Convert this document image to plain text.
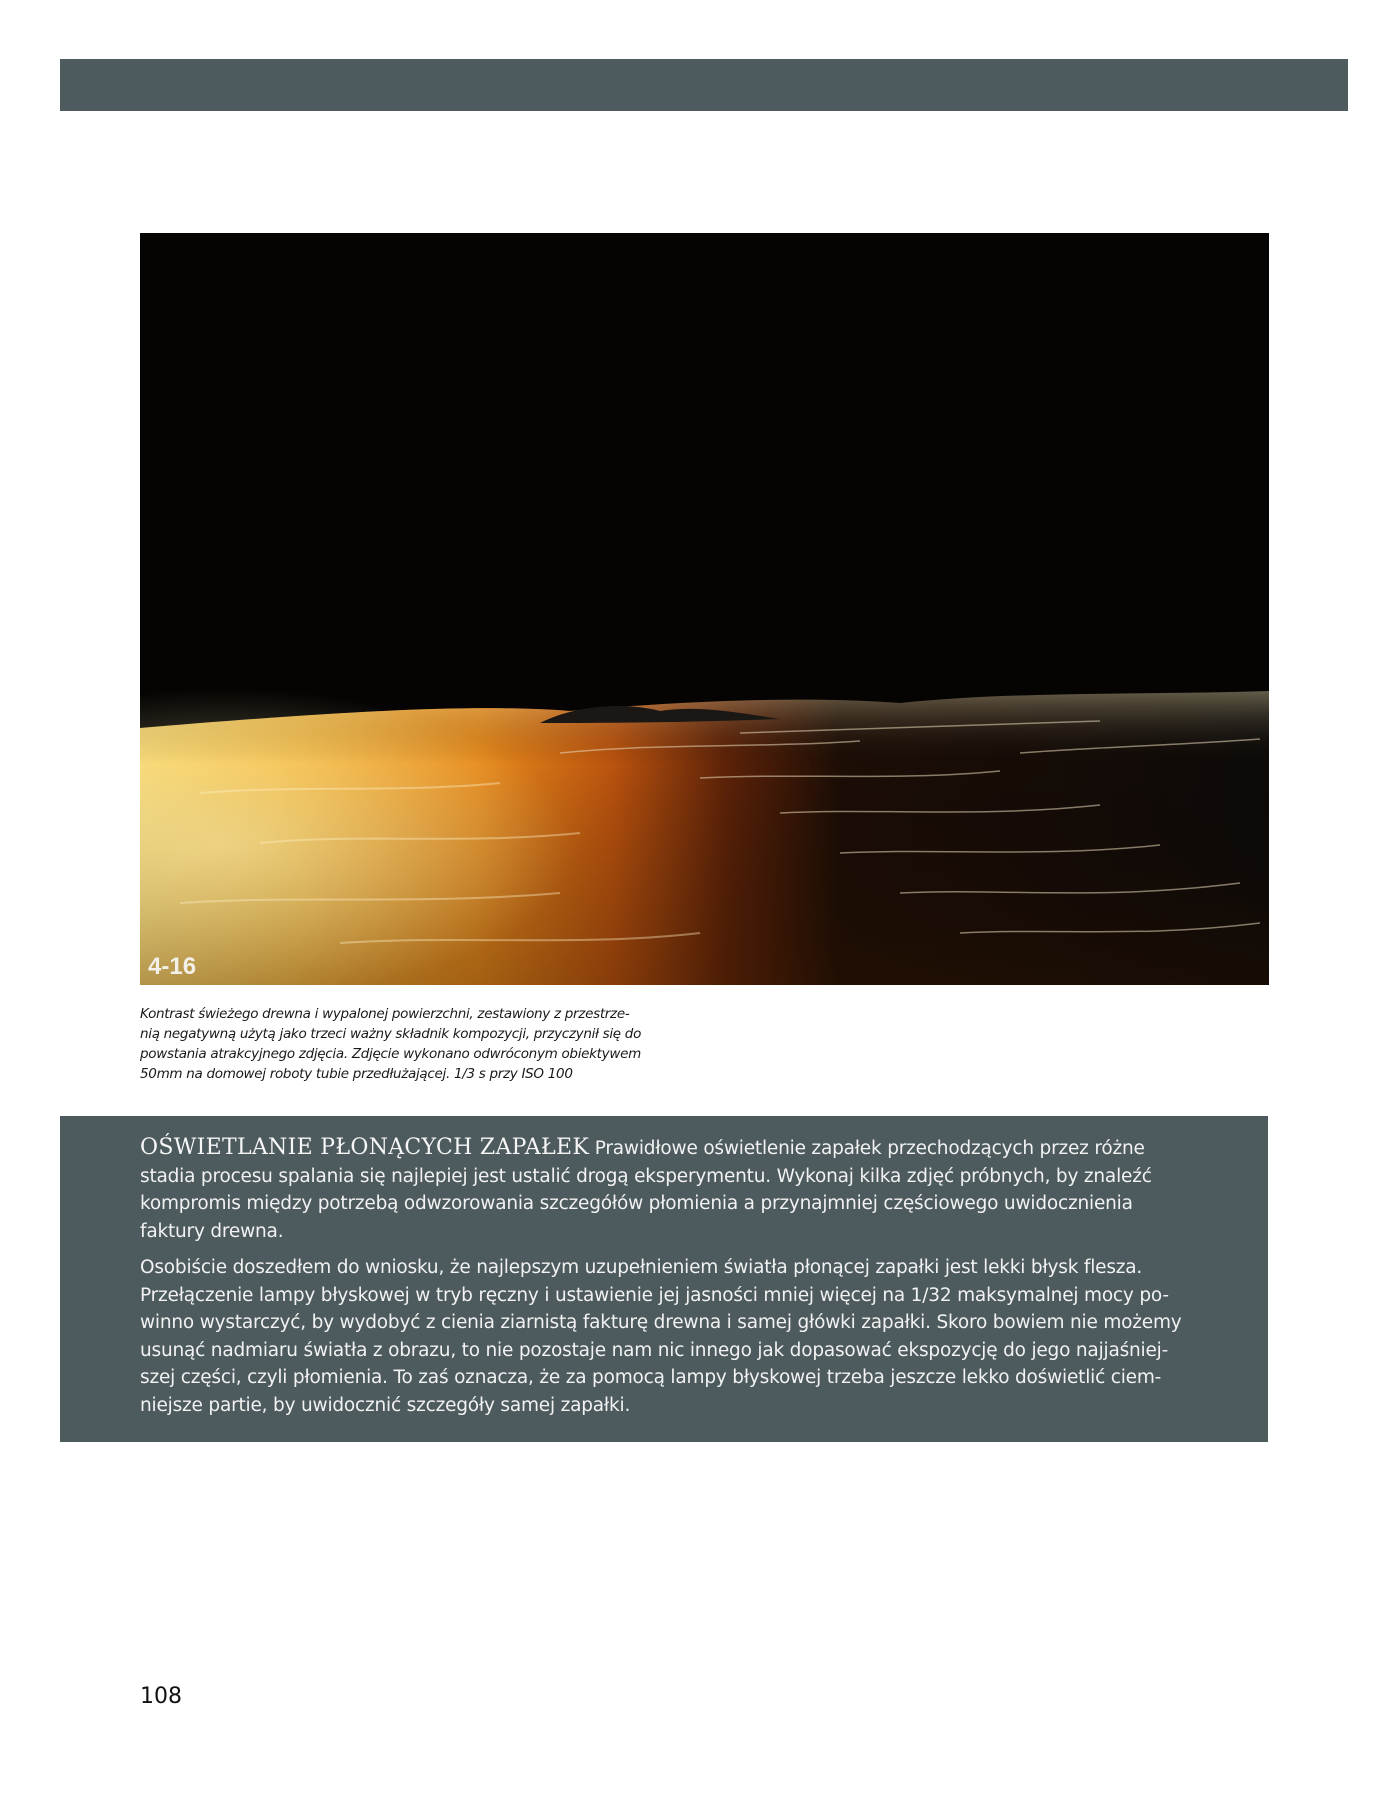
4-16
Kontrast świeżego drewna i wypalonej powierzchni, zestawiony z przestrze-
nią negatywną użytą jako trzeci ważny składnik kompozycji, przyczynił się do
powstania atrakcyjnego zdjęcia. Zdjęcie wykonano odwróconym obiektywem
50mm na domowej roboty tubie przedłużającej. 1/3 s przy ISO 100
OŚWIETLANIE PŁONĄCYCH ZAPAŁEK Prawidłowe oświetlenie zapałek przechodzących przez różne
stadia procesu spalania się najlepiej jest ustalić drogą eksperymentu. Wykonaj kilka zdjęć próbnych, by znaleźć
kompromis między potrzebą odwzorowania szczegółów płomienia a przynajmniej częściowego uwidocznienia
faktury drewna.
Osobiście doszedłem do wniosku, że najlepszym uzupełnieniem światła płonącej zapałki jest lekki błysk flesza.
Przełączenie lampy błyskowej w tryb ręczny i ustawienie jej jasności mniej więcej na 1/32 maksymalnej mocy po-
winno wystarczyć, by wydobyć z cienia ziarnistą fakturę drewna i samej główki zapałki. Skoro bowiem nie możemy
usunąć nadmiaru światła z obrazu, to nie pozostaje nam nic innego jak dopasować ekspozycję do jego najjaśniej-
szej części, czyli płomienia. To zaś oznacza, że za pomocą lampy błyskowej trzeba jeszcze lekko doświetlić ciem-
niejsze partie, by uwidocznić szczegóły samej zapałki.
108
